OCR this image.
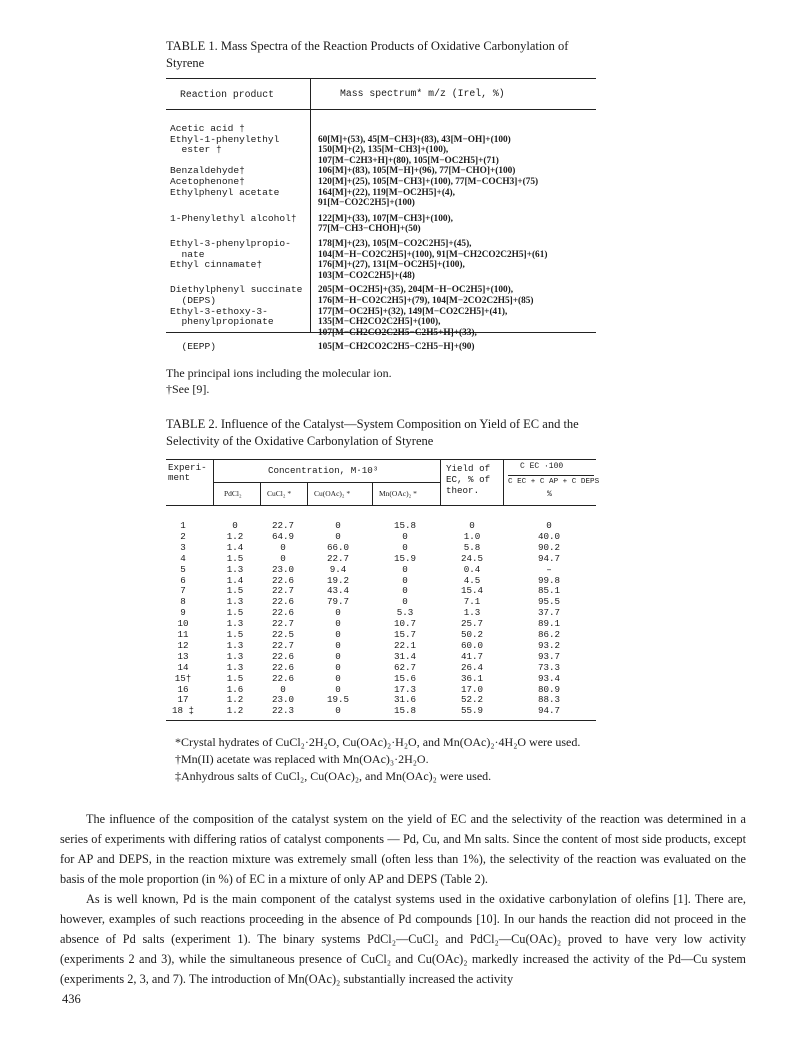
TABLE 1. Mass Spectra of the Reaction Products of Oxidative Carbonylation of
Styrene
Reaction product	Mass spectrum* m/z (Irel, %)
Acetic acid †
Ethyl-1-phenylethyl	60[M]+(53), 45[M−CH3]+(83), 43[M−OH]+(100)
ester †	150[M]+(2), 135[M−CH3]+(100),
107[M−C2H3+H]+(80), 105[M−OC2H5]+(71)
Benzaldehyde†	106[M]+(83), 105[M−H]+(96), 77[M−CHO]+(100)
Acetophenone†	120[M]+(25), 105[M−CH3]+(100), 77[M−COCH3]+(75)
Ethylphenyl acetate	164[M]+(22), 119[M−OC2H5]+(4),
91[M−CO2C2H5]+(100)
1-Phenylethyl alcohol† 122[M]+(33), 107[M−CH3]+(100),
77[M−CH3−CHOH]+(50)
Ethyl-3-phenylpropio-	178[M]+(23), 105[M−CO2C2H5]+(45),
nate	104[M−H−CO2C2H5]+(100), 91[M−CH2CO2C2H5]+(61)
Ethyl cinnamate†	176[M]+(27), 131[M−OC2H5]+(100),
103[M−CO2C2H5]+(48)
Diethylphenyl succinate 205[M−OC2H5]+(35), 204[M−H−OC2H5]+(100),
(DEPS)	176[M−H−CO2C2H5]+(79), 104[M−2CO2C2H5]+(85)
Ethyl-3-ethoxy-3-	177[M−OC2H5]+(32), 149[M−CO2C2H5]+(41),
phenylpropionate	135[M−CH2CO2C2H5]+(100),
107[M−CH2CO2C2H5−C2H5+H]+(33),
(EEPP)	105[M−CH2CO2C2H5−C2H5−H]+(90)
The principal ions including the molecular ion.
†See [9].
TABLE 2. Influence of the Catalyst—System Composition on Yield of EC and the
Selectivity of the Oxidative Carbonylation of Styrene
Experi-
ment
Concentration, M·10³
PdCl₂	CuCl₂ *	Cu(OAc)₂ *	Mn(OAc)₂ *
Yield of
EC, % of
theor.
C EC ·100
C EC + C AP + C DEPS
%
1	0	22.7	0	15.8	0	0
2	1.2	64.9	0	0	1.0	40.0
3	1.4	0	66.0	0	5.8	90.2
4	1.5	0	22.7	15.9	24.5	94.7
5	1.3	23.0	9.4	0	0.4	–
6	1.4	22.6	19.2	0	4.5	99.8
7	1.5	22.7	43.4	0	15.4	85.1
8	1.3	22.6	79.7	0	7.1	95.5
9	1.5	22.6	0	5.3	1.3	37.7
10	1.3	22.7	0	10.7	25.7	89.1
11	1.5	22.5	0	15.7	50.2	86.2
12	1.3	22.7	0	22.1	60.0	93.2
13	1.3	22.6	0	31.4	41.7	93.7
14	1.3	22.6	0	62.7	26.4	73.3
15†	1.5	22.6	0	15.6	36.1	93.4
16	1.6	0	0	17.3	17.0	80.9
17	1.2	23.0	19.5	31.6	52.2	88.3
18 ‡	1.2	22.3	0	15.8	55.9	94.7
*Crystal hydrates of CuCl₂·2H₂O, Cu(OAc)₂·H₂O, and Mn(OAc)₂·4H₂O were used.
†Mn(II) acetate was replaced with Mn(OAc)₃·2H₂O.
‡Anhydrous salts of CuCl₂, Cu(OAc)₂, and Mn(OAc)₂ were used.
The influence of the composition of the catalyst system on the yield of EC and the selectivity of the reaction was determined in a series of experiments with differing ratios of catalyst components — Pd, Cu, and Mn salts. Since the content of most side products, except for AP and DEPS, in the reaction mixture was extremely small (often less than 1%), the selectivity of the reaction was evaluated on the basis of the mole proportion (in %) of EC in a mixture of only AP and DEPS (Table 2).
As is well known, Pd is the main component of the catalyst systems used in the oxidative carbonylation of olefins [1]. There are, however, examples of such reactions proceeding in the absence of Pd compounds [10]. In our hands the reaction did not proceed in the absence of Pd salts (experiment 1). The binary systems PdCl₂—CuCl₂ and PdCl₂—Cu(OAc)₂ proved to have very low activity (experiments 2 and 3), while the simultaneous presence of CuCl₂ and Cu(OAc)₂ markedly increased the activity of the Pd—Cu system (experiments 2, 3, and 7). The introduction of Mn(OAc)₂ substantially increased the activity
436
